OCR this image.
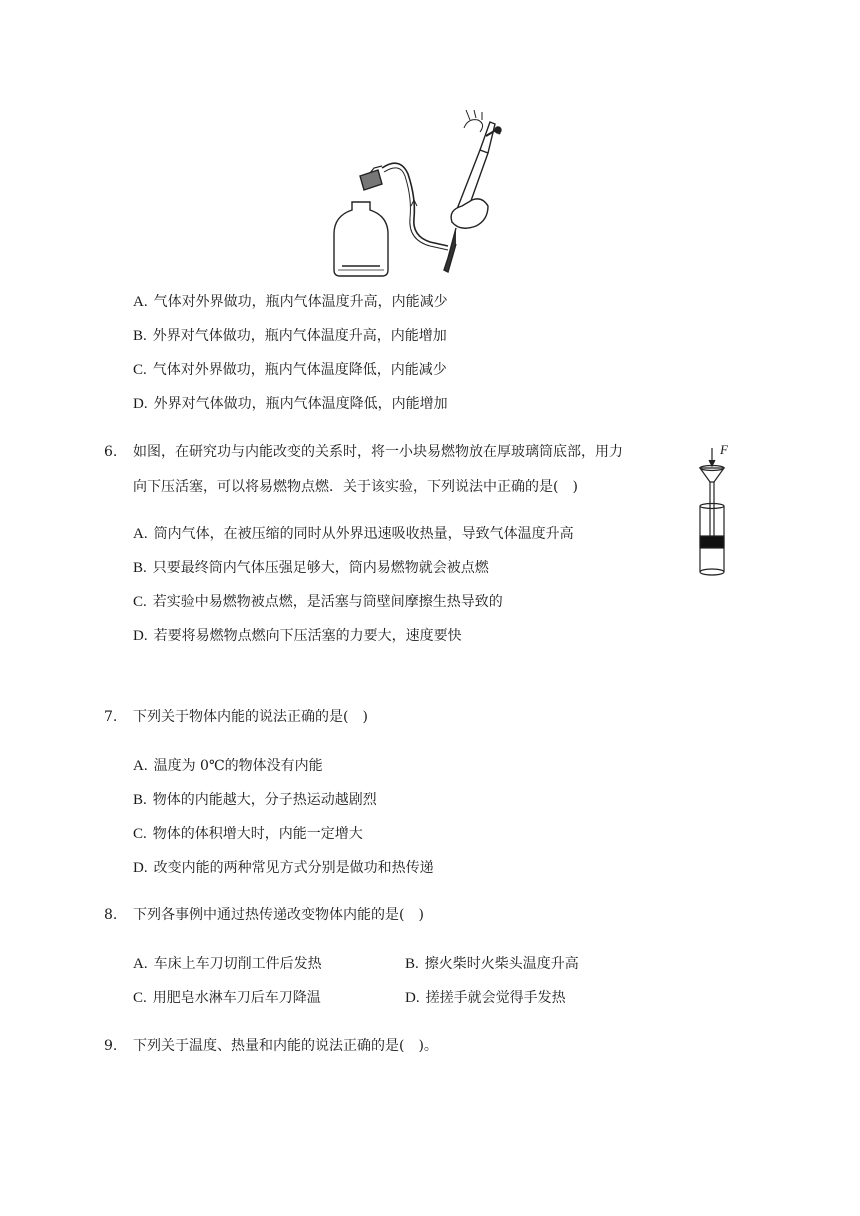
A. 气体对外界做功，瓶内气体温度升高，内能减少
B. 外界对气体做功，瓶内气体温度升高，内能增加
C. 气体对外界做功，瓶内气体温度降低，内能减少
D. 外界对气体做功，瓶内气体温度降低，内能增加
6. 如图，在研究功与内能改变的关系时，将一小块易燃物放在厚玻璃筒底部，用力
向下压活塞，可以将易燃物点燃．关于该实验，下列说法中正确的是(　)
F
A. 筒内气体，在被压缩的同时从外界迅速吸收热量，导致气体温度升高
B. 只要最终筒内气体压强足够大，筒内易燃物就会被点燃
C. 若实验中易燃物被点燃，是活塞与筒壁间摩擦生热导致的
D. 若要将易燃物点燃向下压活塞的力要大，速度要快
7. 下列关于物体内能的说法正确的是(　)
A. 温度为 0℃的物体没有内能
B. 物体的内能越大，分子热运动越剧烈
C. 物体的体积增大时，内能一定增大
D. 改变内能的两种常见方式分别是做功和热传递
8. 下列各事例中通过热传递改变物体内能的是(　)
A. 车床上车刀切削工件后发热	B. 擦火柴时火柴头温度升高
C. 用肥皂水淋车刀后车刀降温	D. 搓搓手就会觉得手发热
9. 下列关于温度、热量和内能的说法正确的是(　)。
